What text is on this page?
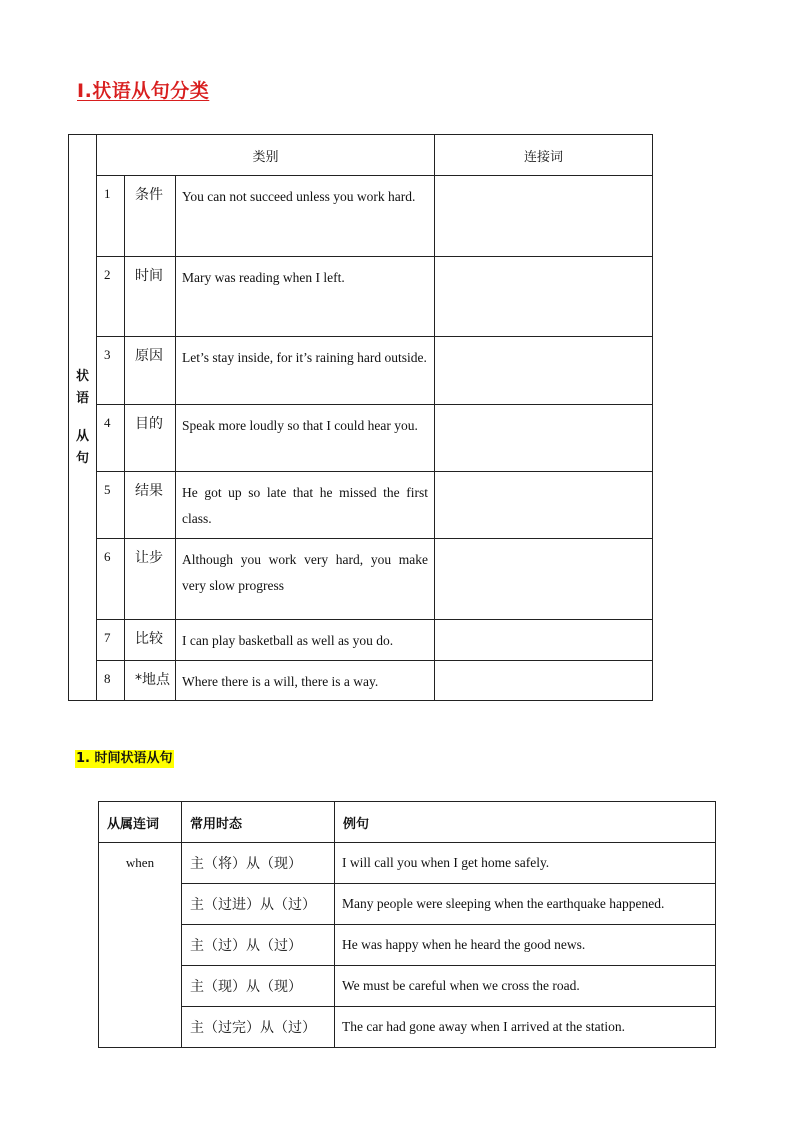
Ⅰ.状语从句分类
状
语
从
句	类别			连接词
	1	条件	You can not succeed unless you work hard.	
	2	时间	Mary was reading when I left.	
	3	原因	Let’s stay inside, for it’s raining hard outside.	
	4	目的	Speak more loudly so that I could hear you.	
	5	结果	He got up so late that he missed the first class.	
	6	让步	Although you work very hard, you make very slow progress	
	7	比较	I can play basketball as well as you do.	
	8	*地点	Where there is a will, there is a way.	
1. 时间状语从句
从属连词	常用时态	例句
when	主（将）从（现）	I will call you when I get home safely.
	主（过进）从（过）	Many people were sleeping when the earthquake happened.
	主（过）从（过）	He was happy when he heard the good news.
	主（现）从（现）	We must be careful when we cross the road.
	主（过完）从（过）	The car had gone away when I arrived at the station.
